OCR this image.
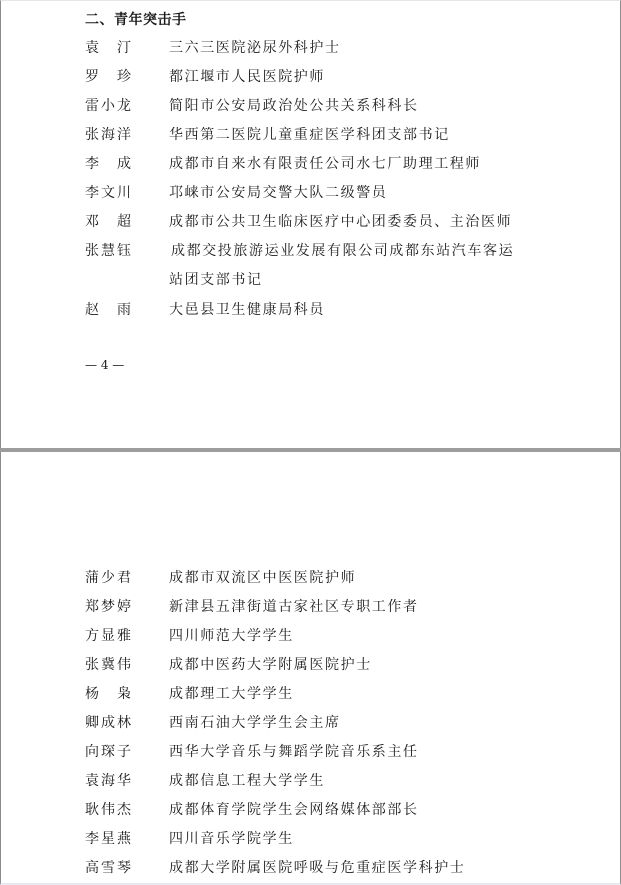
二、青年突击手
袁　汀	三六三医院泌尿外科护士
罗　珍	都江堰市人民医院护师
雷小龙	简阳市公安局政治处公共关系科科长
张海洋	华西第二医院儿童重症医学科团支部书记
李　成	成都市自来水有限责任公司水七厂助理工程师
李文川	邛崃市公安局交警大队二级警员
邓　超	成都市公共卫生临床医疗中心团委委员、主治医师
张慧钰	成都交投旅游运业发展有限公司成都东站汽车客运
站团支部书记
赵　雨	大邑县卫生健康局科员
— 4 —
蒲少君	成都市双流区中医医院护师
郑梦婷	新津县五津街道古家社区专职工作者
方显雅	四川师范大学学生
张冀伟	成都中医药大学附属医院护士
杨　枭	成都理工大学学生
卿成林	西南石油大学学生会主席
向琛子	西华大学音乐与舞蹈学院音乐系主任
袁海华	成都信息工程大学学生
耿伟杰	成都体育学院学生会网络媒体部部长
李星燕	四川音乐学院学生
高雪琴	成都大学附属医院呼吸与危重症医学科护士
